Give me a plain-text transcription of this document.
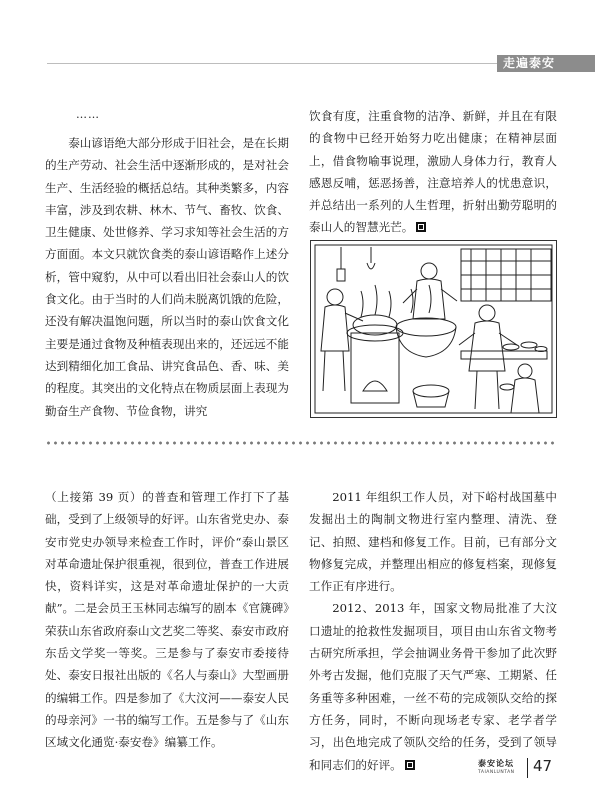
走遍泰安
……

泰山谚语绝大部分形成于旧社会，是在长期的生产劳动、社会生活中逐渐形成的，是对社会生产、生活经验的概括总结。其种类繁多，内容丰富，涉及到农耕、林木、节气、畜牧、饮食、卫生健康、处世修养、学习求知等社会生活的方方面面。本文只就饮食类的泰山谚语略作上述分析，管中窥豹，从中可以看出旧社会泰山人的饮食文化。由于当时的人们尚未脱离饥饿的危险，还没有解决温饱问题，所以当时的泰山饮食文化主要是通过食物及种植表现出来的，还远远不能达到精细化加工食品、讲究食品色、香、味、美的程度。其突出的文化特点在物质层面上表现为勤奋生产食物、节俭食物，讲究

饮食有度，注重食物的洁净、新鲜，并且在有限的食物中已经开始努力吃出健康；在精神层面上，借食物喻事说理，激励人身体力行，教育人感恩反哺，惩恶扬善，注意培养人的忧患意识，并总结出一系列的人生哲理，折射出勤劳聪明的泰山人的智慧光芒。

（上接第 39 页）的普查和管理工作打下了基础，受到了上级领导的好评。山东省党史办、泰安市党史办领导来检查工作时，评价“泰山景区对革命遗址保护很重视，很到位，普查工作进展快，资料详实，这是对革命遗址保护的一大贡献”。二是会员王玉林同志编写的剧本《官篪碑》荣获山东省政府泰山文艺奖二等奖、泰安市政府东岳文学奖一等奖。三是参与了泰安市委接待处、泰安日报社出版的《名人与泰山》大型画册的编辑工作。四是参加了《大汶河——泰安人民的母亲河》一书的编写工作。五是参与了《山东区域文化通览·泰安卷》编纂工作。

2011 年组织工作人员，对下峪村战国墓中发掘出土的陶制文物进行室内整理、清洗、登记、拍照、建档和修复工作。目前，已有部分文物修复完成，并整理出相应的修复档案，现修复工作正有序进行。

2012、2013 年，国家文物局批准了大汶口遗址的抢救性发掘项目，项目由山东省文物考古研究所承担，学会抽调业务骨干参加了此次野外考古发掘，他们克服了天气严寒、工期紧、任务重等多种困难，一丝不苟的完成领队交给的探方任务，同时，不断向现场老专家、老学者学习，出色地完成了领队交给的任务，受到了领导和同志们的好评。	泰安论坛
TAIANLUNTAN 47
